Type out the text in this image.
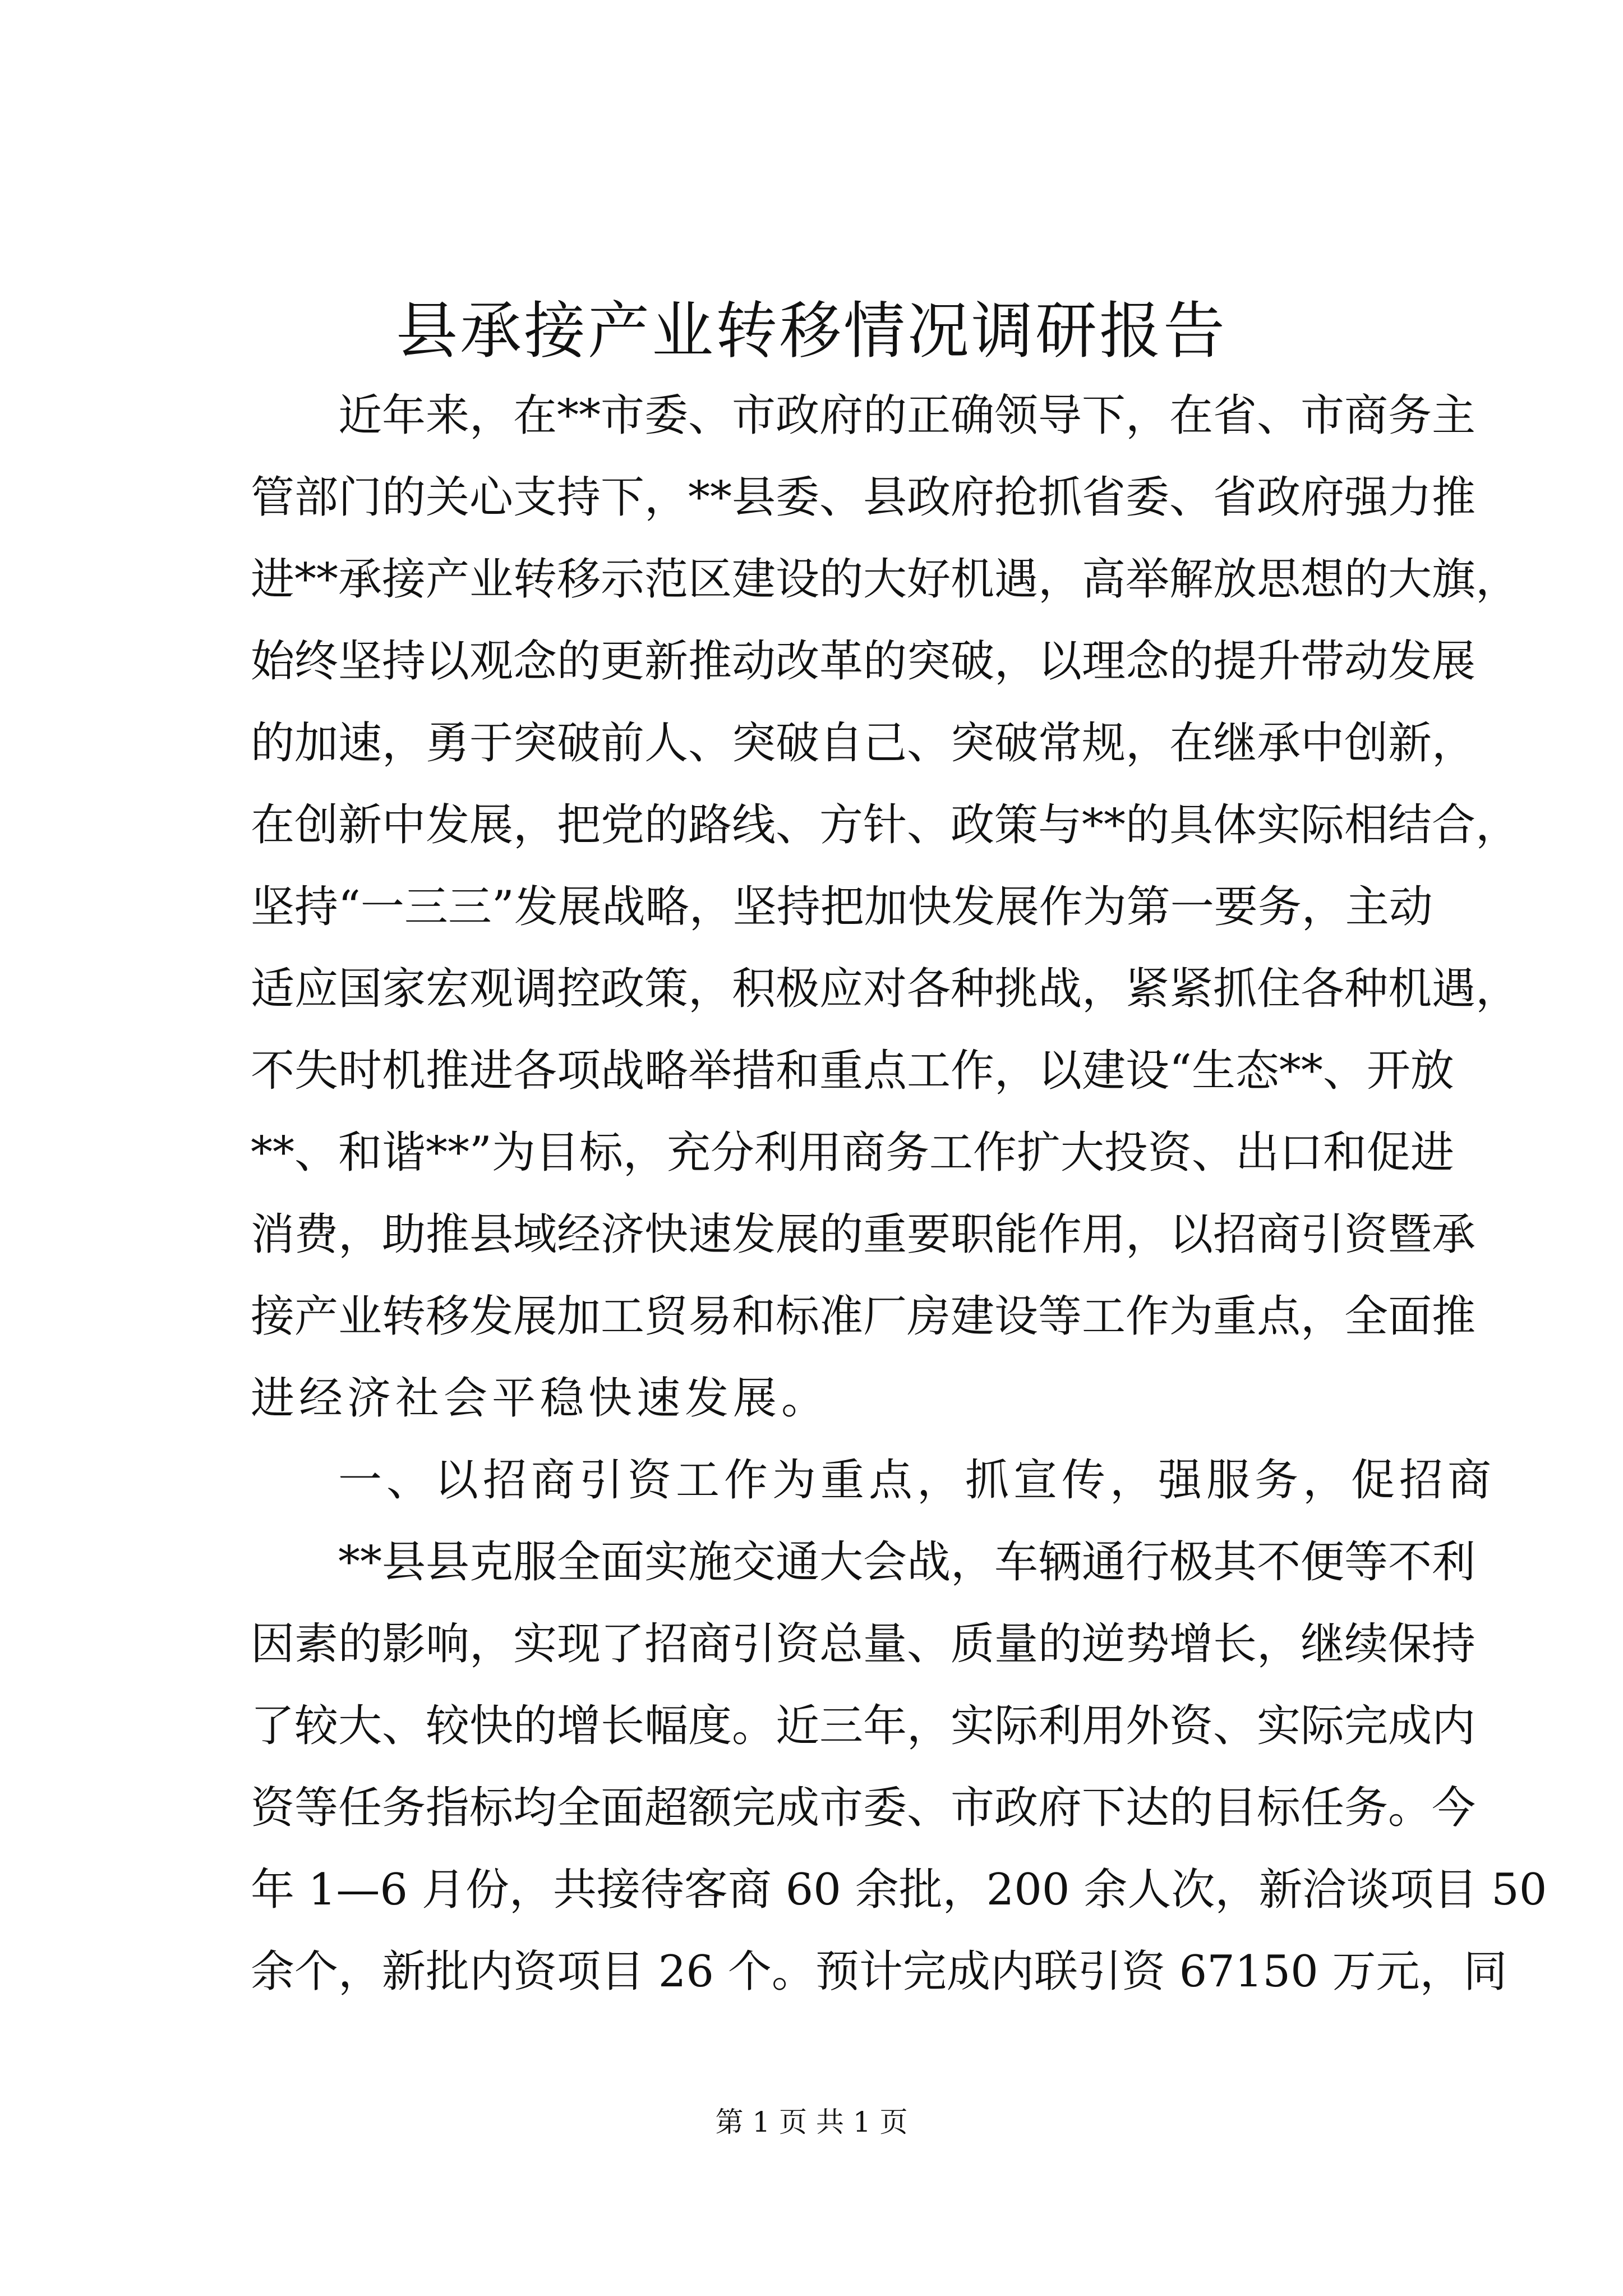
县承接产业转移情况调研报告
近年来，在**市委、市政府的正确领导下，在省、市商务主
管部门的关心支持下，**县委、县政府抢抓省委、省政府强力推
进**承接产业转移示范区建设的大好机遇，高举解放思想的大旗，
始终坚持以观念的更新推动改革的突破，以理念的提升带动发展
的加速，勇于突破前人、突破自己、突破常规，在继承中创新，
在创新中发展，把党的路线、方针、政策与**的具体实际相结合，
坚持“一三三”发展战略，坚持把加快发展作为第一要务，主动
适应国家宏观调控政策，积极应对各种挑战，紧紧抓住各种机遇，
不失时机推进各项战略举措和重点工作，以建设“生态**、开放
**、和谐**”为目标，充分利用商务工作扩大投资、出口和促进
消费，助推县域经济快速发展的重要职能作用，以招商引资暨承
接产业转移发展加工贸易和标准厂房建设等工作为重点，全面推
进经济社会平稳快速发展。
一、以招商引资工作为重点，抓宣传，强服务，促招商
**县县克服全面实施交通大会战，车辆通行极其不便等不利
因素的影响，实现了招商引资总量、质量的逆势增长，继续保持
了较大、较快的增长幅度。近三年，实际利用外资、实际完成内
资等任务指标均全面超额完成市委、市政府下达的目标任务。今
年 1—6 月份，共接待客商 60 余批，200 余人次，新洽谈项目 50
余个，新批内资项目 26 个。预计完成内联引资 67150 万元，同
第 1 页 共 1 页
